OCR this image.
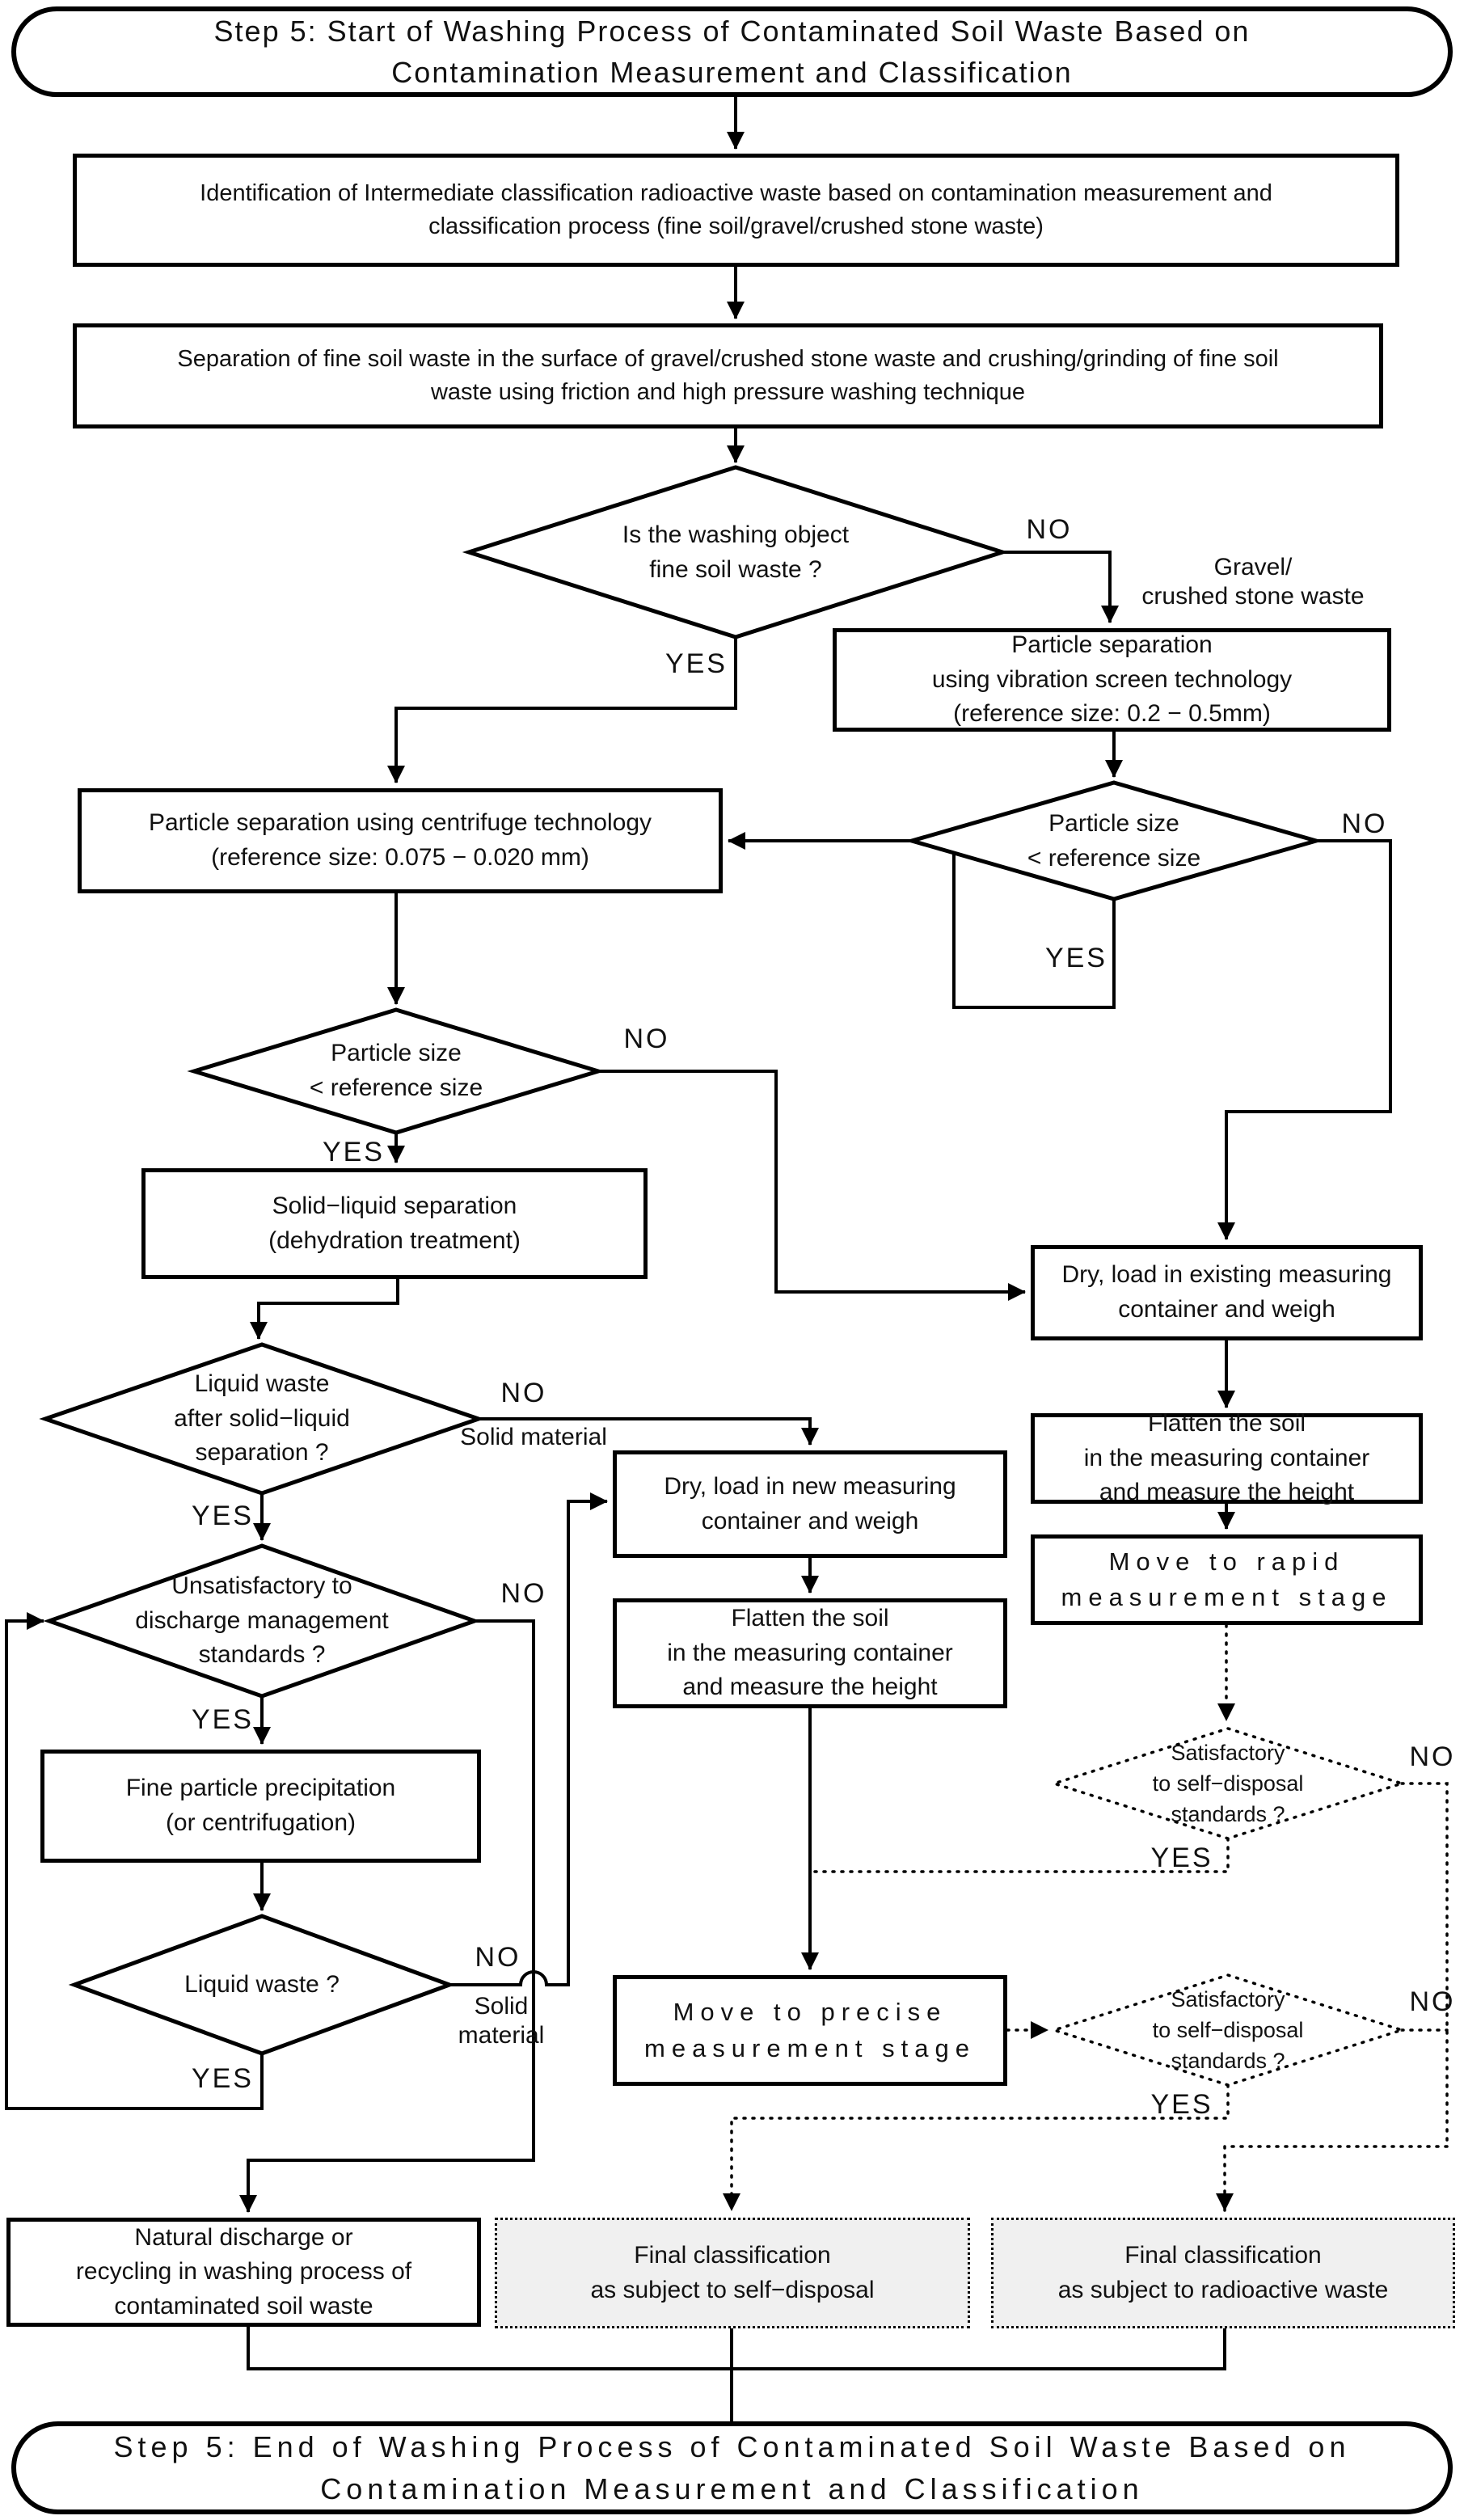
Step 5: Start of Washing Process of Contaminated Soil Waste Based on
Contamination Measurement and Classification
Identification of Intermediate classification radioactive waste based on contamination measurement and
classification process (fine soil/gravel/crushed stone waste)
Separation of fine soil waste in the surface of gravel/crushed stone waste and crushing/grinding of fine soil
waste using friction and high pressure washing technique
Particle separation
using vibration screen technology
(reference size: 0.2 − 0.5mm)
Particle separation using centrifuge technology
(reference size: 0.075 − 0.020 mm)
Solid−liquid separation
(dehydration treatment)
Dry, load in existing measuring
container and weigh
Flatten the soil
in the measuring container
and measure the height
Move to rapid
measurement stage
Dry, load in new measuring
container and weigh
Flatten the soil
in the measuring container
and measure the height
Move to precise
measurement stage
Fine particle precipitation
(or centrifugation)
Natural discharge or
recycling in washing process of
contaminated soil waste
Final classification
as subject to self−disposal
Final classification
as subject to radioactive waste
Step 5: End of Washing Process of Contaminated Soil Waste Based on
Contamination Measurement and Classification
Is the washing object
fine soil waste ?
Particle size
< reference size
Particle size
< reference size
Liquid waste
after solid−liquid
separation ?
Unsatisfactory to
discharge management
standards ?
Liquid waste ?
Satisfactory
to self−disposal
standards ?
Satisfactory
to self−disposal
standards ?
NO
YES
Gravel/
crushed stone waste
NO
YES
NO
YES
NO
Solid material
YES
NO
YES
NO
Solid
material
YES
NO
YES
NO
YES
